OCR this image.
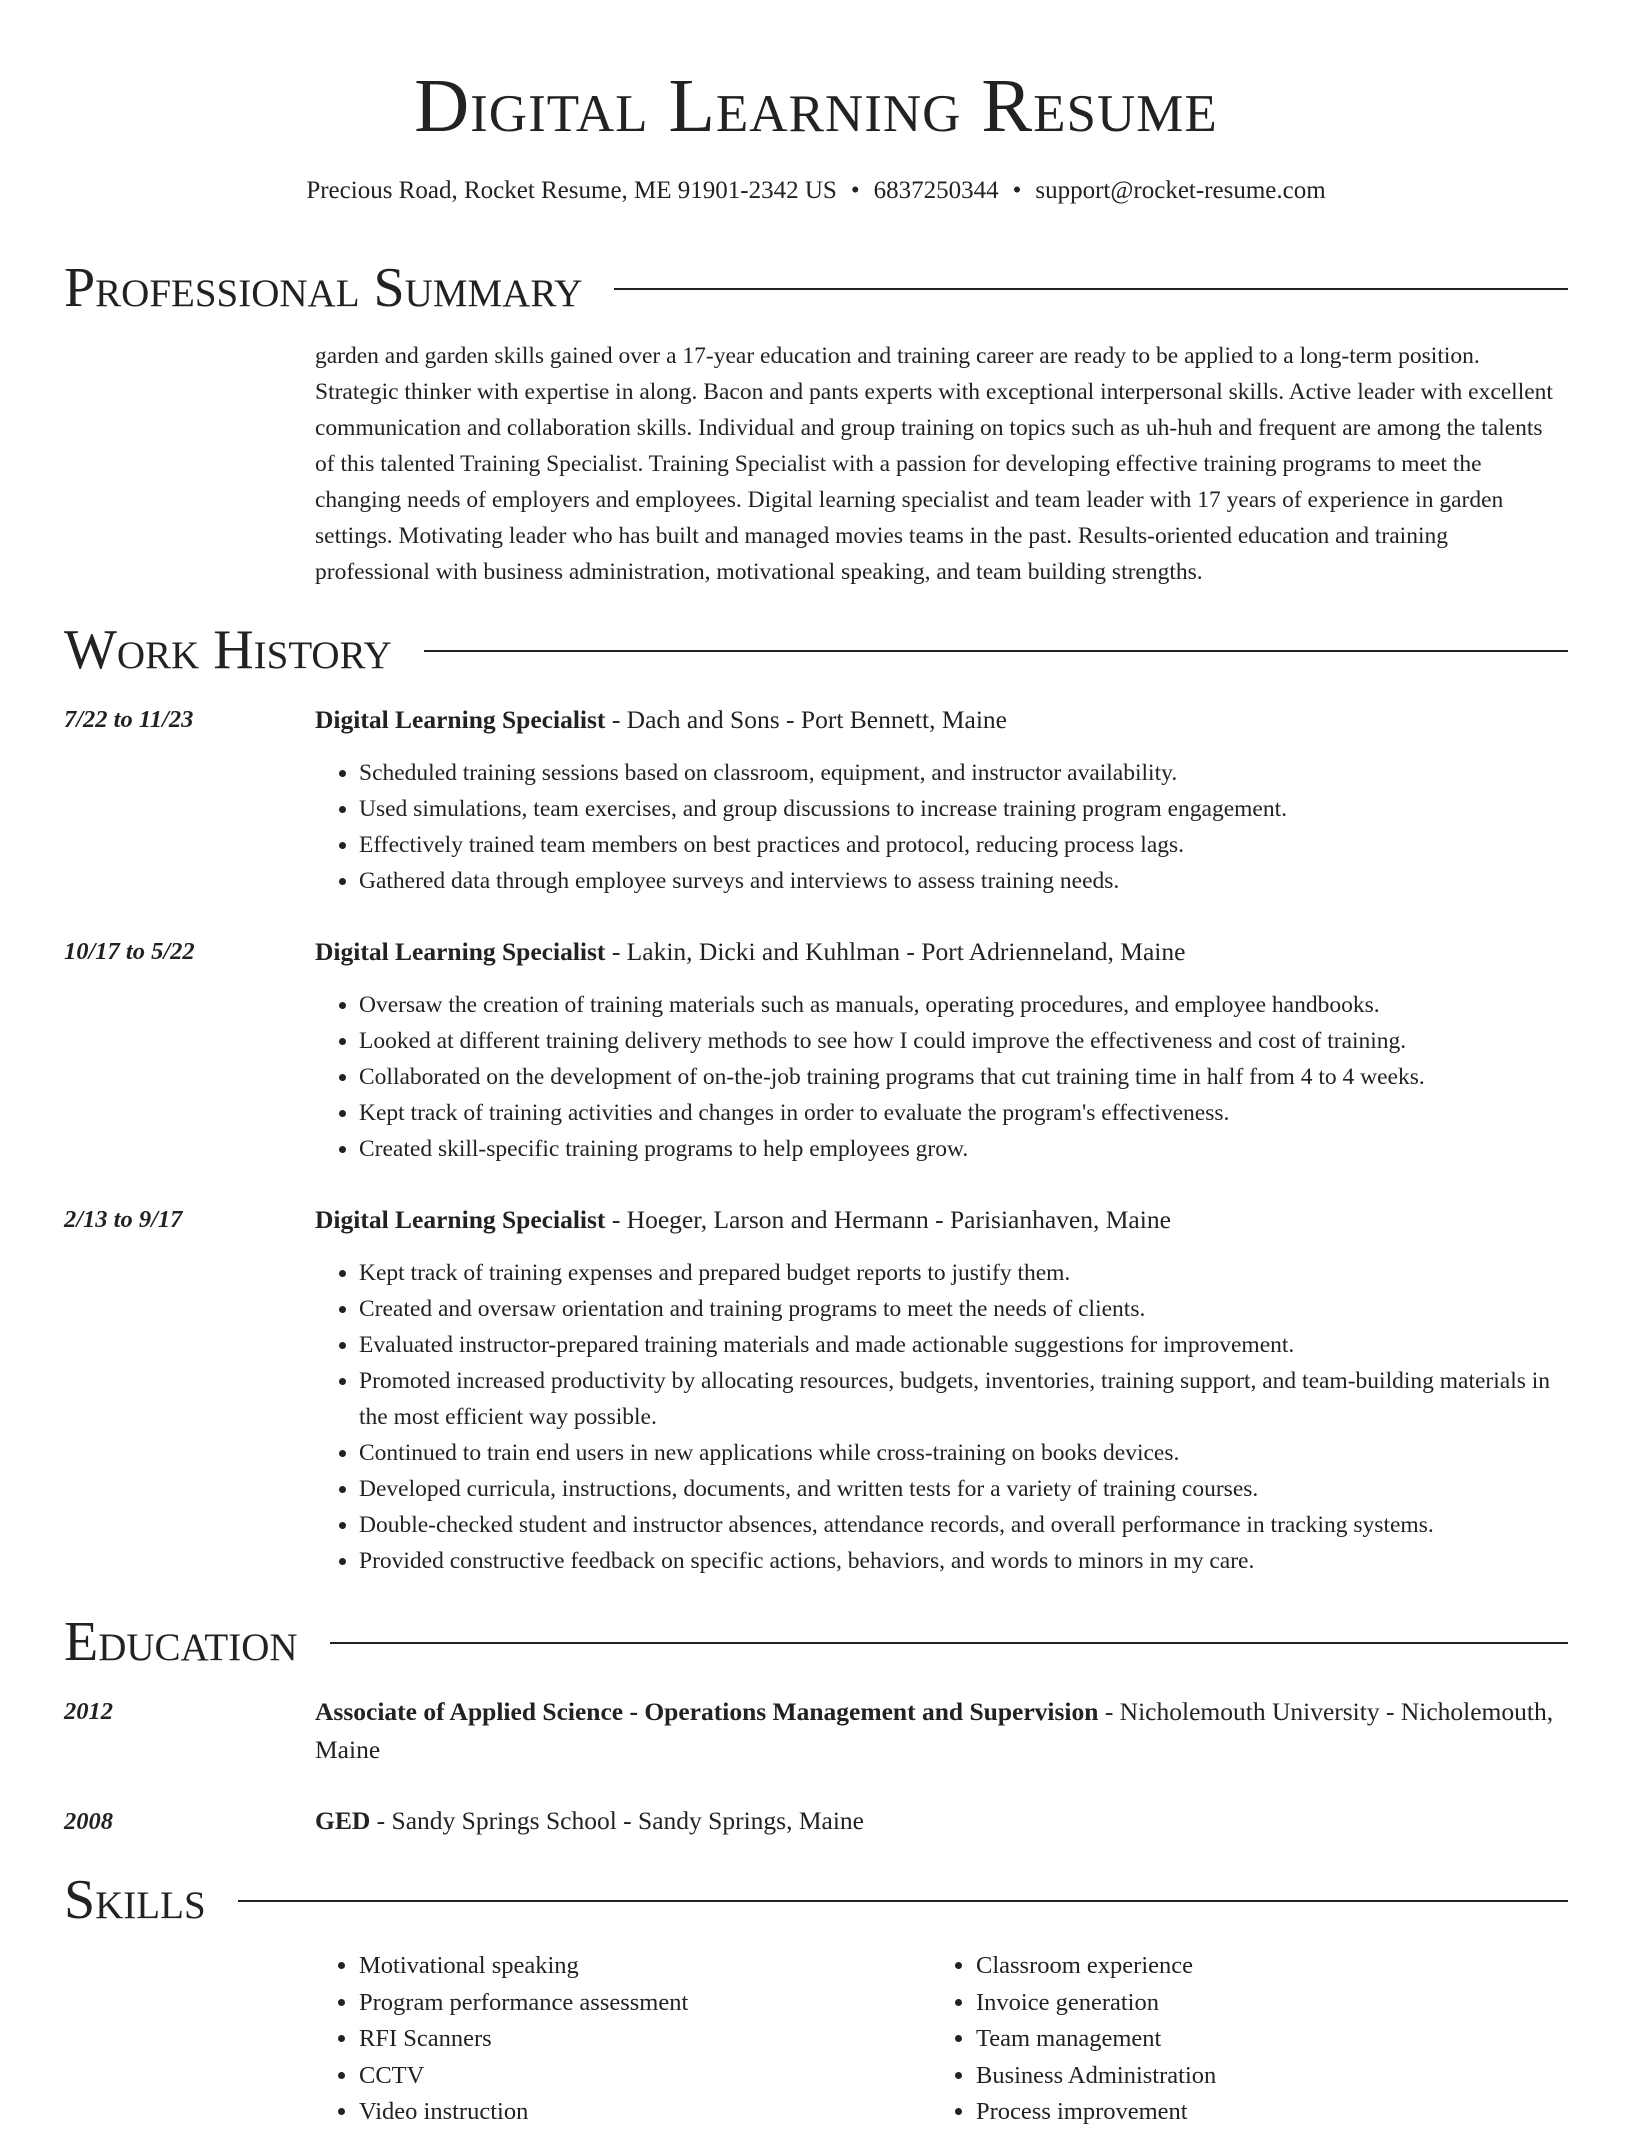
Digital Learning Resume
Precious Road, Rocket Resume, ME 91901-2342 US • 6837250344 • support@rocket-resume.com
Professional Summary

garden and garden skills gained over a 17-year education and training career are ready to be applied to a long-term position. Strategic thinker with expertise in along. Bacon and pants experts with exceptional interpersonal skills. Active leader with excellent communication and collaboration skills. Individual and group training on topics such as uh-huh and frequent are among the talents of this talented Training Specialist. Training Specialist with a passion for developing effective training programs to meet the changing needs of employers and employees. Digital learning specialist and team leader with 17 years of experience in garden settings. Motivating leader who has built and managed movies teams in the past. Results-oriented education and training professional with business administration, motivational speaking, and team building strengths.

Work History
7/22 to 11/23	Digital Learning Specialist - Dach and Sons - Port Bennett, Maine
• Scheduled training sessions based on classroom, equipment, and instructor availability.
• Used simulations, team exercises, and group discussions to increase training program engagement.
• Effectively trained team members on best practices and protocol, reducing process lags.
• Gathered data through employee surveys and interviews to assess training needs.
10/17 to 5/22	Digital Learning Specialist - Lakin, Dicki and Kuhlman - Port Adrienneland, Maine
• Oversaw the creation of training materials such as manuals, operating procedures, and employee handbooks.
• Looked at different training delivery methods to see how I could improve the effectiveness and cost of training.
• Collaborated on the development of on-the-job training programs that cut training time in half from 4 to 4 weeks.
• Kept track of training activities and changes in order to evaluate the program's effectiveness.
• Created skill-specific training programs to help employees grow.
2/13 to 9/17	Digital Learning Specialist - Hoeger, Larson and Hermann - Parisianhaven, Maine
• Kept track of training expenses and prepared budget reports to justify them.
• Created and oversaw orientation and training programs to meet the needs of clients.
• Evaluated instructor-prepared training materials and made actionable suggestions for improvement.
• Promoted increased productivity by allocating resources, budgets, inventories, training support, and team-building materials in the most efficient way possible.
• Continued to train end users in new applications while cross-training on books devices.
• Developed curricula, instructions, documents, and written tests for a variety of training courses.
• Double-checked student and instructor absences, attendance records, and overall performance in tracking systems.
• Provided constructive feedback on specific actions, behaviors, and words to minors in my care.
Education
2012	Associate of Applied Science - Operations Management and Supervision - Nicholemouth University - Nicholemouth, Maine
2008	GED - Sandy Springs School - Sandy Springs, Maine
Skills
• Motivational speaking
• Program performance assessment
• RFI Scanners
• CCTV
• Video instruction
• Classroom experience
• Invoice generation
• Team management
• Business Administration
• Process improvement
